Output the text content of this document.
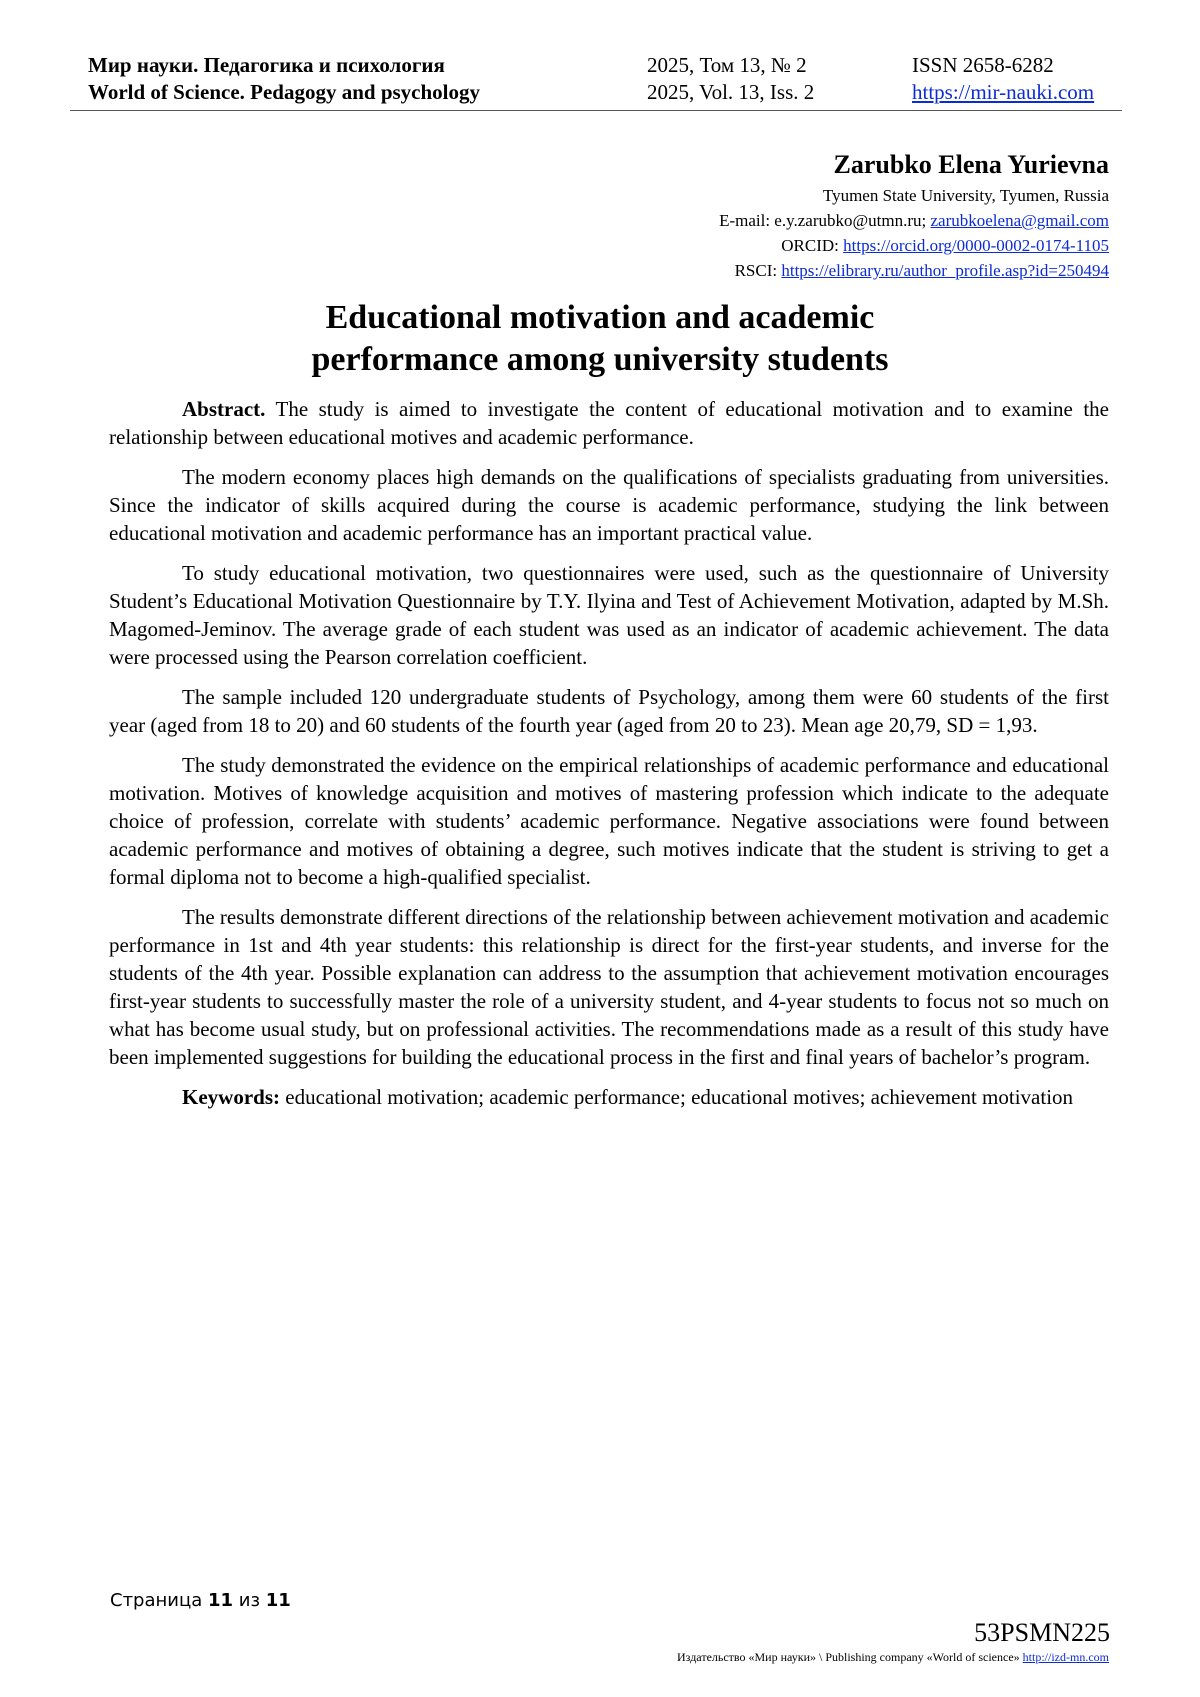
Мир науки. Педагогика и психология
World of Science. Pedagogy and psychology
2025, Том 13, № 2
2025, Vol. 13, Iss. 2
ISSN 2658-6282
https://mir-nauki.com
Zarubko Elena Yurievna
Tyumen State University, Tyumen, Russia
E-mail: e.y.zarubko@utmn.ru; zarubkoelena@gmail.com
ORCID: https://orcid.org/0000-0002-0174-1105
RSCI: https://elibrary.ru/author_profile.asp?id=250494
Educational motivation and academic
performance among university students

Abstract. The study is aimed to investigate the content of educational motivation and to examine the relationship between educational motives and academic performance.

The modern economy places high demands on the qualifications of specialists graduating from universities. Since the indicator of skills acquired during the course is academic performance, studying the link between educational motivation and academic performance has an important practical value.

To study educational motivation, two questionnaires were used, such as the questionnaire of University Student’s Educational Motivation Questionnaire by T.Y. Ilyina and Test of Achievement Motivation, adapted by M.Sh. Magomed-Jeminov. The average grade of each student was used as an indicator of academic achievement. The data were processed using the Pearson correlation coefficient.

The sample included 120 undergraduate students of Psychology, among them were 60 students of the first year (aged from 18 to 20) and 60 students of the fourth year (aged from 20 to 23). Mean age 20,79, SD = 1,93.

The study demonstrated the evidence on the empirical relationships of academic performance and educational motivation. Motives of knowledge acquisition and motives of mastering profession which indicate to the adequate choice of profession, correlate with students’ academic performance. Negative associations were found between academic performance and motives of obtaining a degree, such motives indicate that the student is striving to get a formal diploma not to become a high-qualified specialist.

The results demonstrate different directions of the relationship between achievement motivation and academic performance in 1st and 4th year students: this relationship is direct for the first-year students, and inverse for the students of the 4th year. Possible explanation can address to the assumption that achievement motivation encourages first-year students to successfully master the role of a university student, and 4-year students to focus not so much on what has become usual study, but on professional activities. The recommendations made as a result of this study have been implemented suggestions for building the educational process in the first and final years of bachelor’s program.

Keywords: educational motivation; academic performance; educational motives; achievement motivation

Страница 11 из 11
53PSMN225
Издательство «Мир науки» \ Publishing company «World of science» http://izd-mn.com
